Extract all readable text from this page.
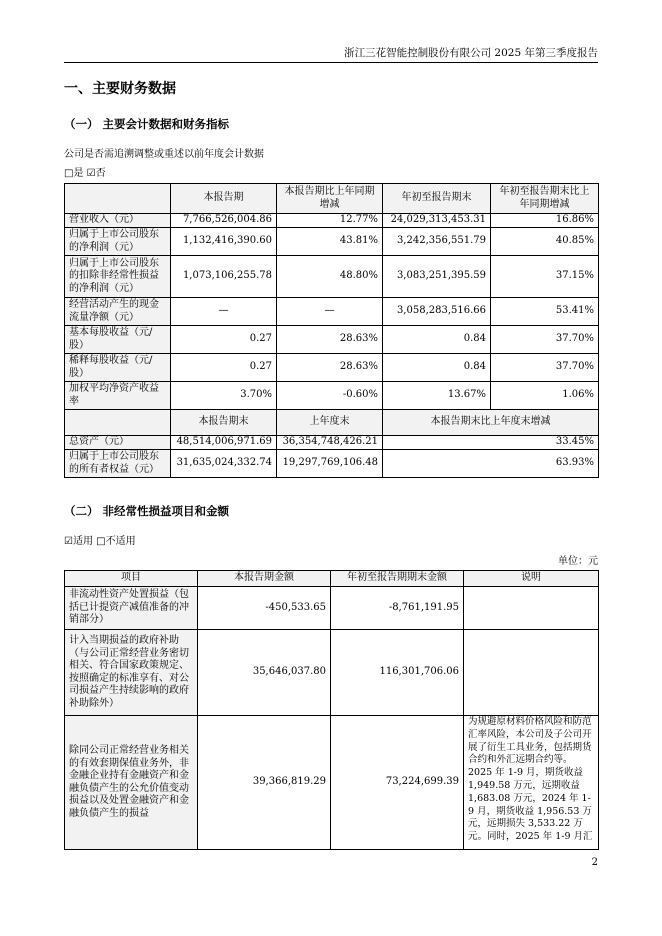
浙江三花智能控制股份有限公司 2025 年第三季度报告
一、主要财务数据
（一） 主要会计数据和财务指标
公司是否需追溯调整或重述以前年度会计数据
□是 ☑否
	本报告期	本报告期比上年同期增减	年初至报告期末	年初至报告期末比上年同期增减
营业收入（元）	7,766,526,004.86	12.77%	24,029,313,453.31	16.86%
归属于上市公司股东的净利润（元）	1,132,416,390.60	43.81%	3,242,356,551.79	40.85%
归属于上市公司股东的扣除非经常性损益的净利润（元）	1,073,106,255.78	48.80%	3,083,251,395.59	37.15%
经营活动产生的现金流量净额（元）	—	—	3,058,283,516.66	53.41%
基本每股收益（元/股）	0.27	28.63%	0.84	37.70%
稀释每股收益（元/股）	0.27	28.63%	0.84	37.70%
加权平均净资产收益率	3.70%	-0.60%	13.67%	1.06%
	本报告期末	上年度末	本报告期末比上年度末增减	
总资产（元）	48,514,006,971.69	36,354,748,426.21	33.45%	
归属于上市公司股东的所有者权益（元）	31,635,024,332.74	19,297,769,106.48	63.93%	
（二） 非经常性损益项目和金额
☑适用 □不适用
单位：元
项目	本报告期金额	年初至报告期期末金额	说明
非流动性资产处置损益（包括已计提资产减值准备的冲销部分）	-450,533.65	-8,761,191.95	
计入当期损益的政府补助（与公司正常经营业务密切相关、符合国家政策规定、按照确定的标准享有、对公司损益产生持续影响的政府补助除外）	35,646,037.80	116,301,706.06	
除同公司正常经营业务相关的有效套期保值业务外，非金融企业持有金融资产和金融负债产生的公允价值变动损益以及处置金融资产和金融负债产生的损益	39,366,819.29	73,224,699.39	为规避原材料价格风险和防范汇率风险，本公司及子公司开展了衍生工具业务，包括期货合约和外汇远期合约等。2025 年 1-9 月，期货收益 1,949.58 万元，远期收益 1,683.08 万元，2024 年 1-9 月，期货收益 1,956.53 万元，远期损失 3,533.22 万元。同时，2025 年 1-9 月汇
2
